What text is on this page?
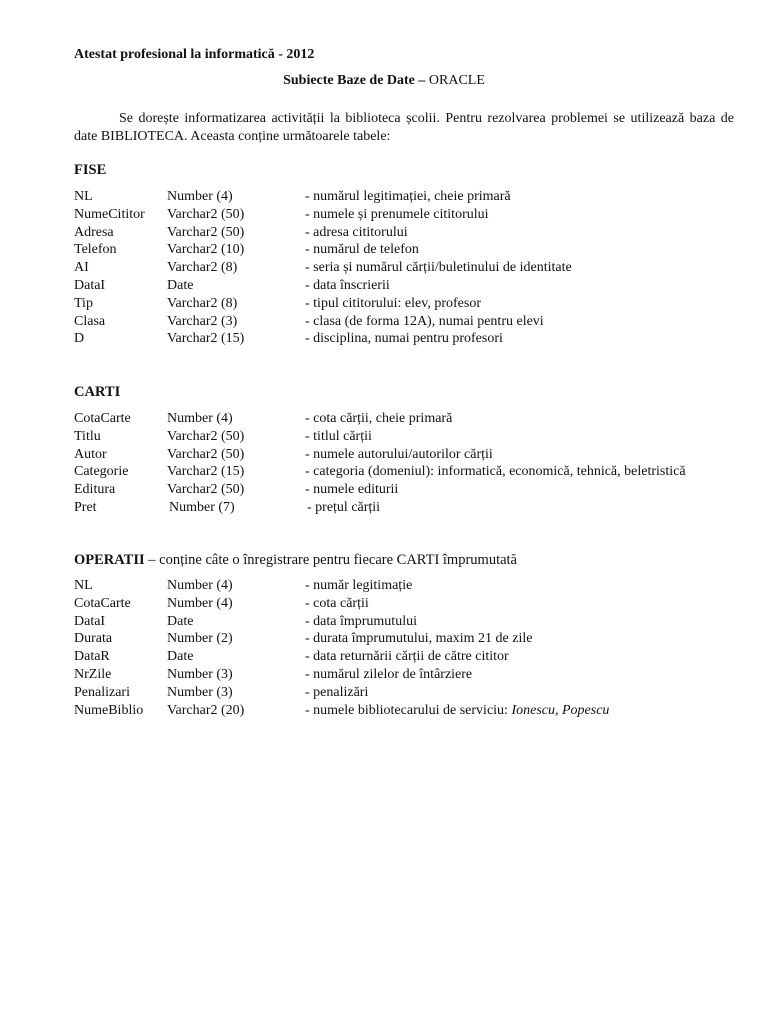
Atestat profesional la informatică - 2012
Subiecte Baze de Date – ORACLE
Se dorește informatizarea activității la biblioteca școlii. Pentru rezolvarea problemei se utilizează baza de date BIBLIOTECA. Aceasta conține următoarele tabele:
FISE
NL	Number (4)	- numărul legitimației, cheie primară
NumeCititor Varchar2 (50)	- numele și prenumele cititorului
Adresa	Varchar2 (50)	- adresa cititorului
Telefon	Varchar2 (10)	- numărul de telefon
AI	Varchar2 (8)	- seria și numărul cărții/buletinului de identitate
DataI	Date	- data înscrierii
Tip	Varchar2 (8)	- tipul cititorului: elev, profesor
Clasa	Varchar2 (3)	- clasa (de forma 12A), numai pentru elevi
D	Varchar2 (15)	- disciplina, numai pentru profesori
CARTI
CotaCarte	Number (4)	- cota cărții, cheie primară
Titlu	Varchar2 (50)	- titlul cărții
Autor	Varchar2 (50)	- numele autorului/autorilor cărții
Categorie	Varchar2 (15)	- categoria (domeniul): informatică, economică, tehnică, beletristică
Editura	Varchar2 (50)	- numele editurii
Pret	Number (7)	- prețul cărții
OPERATII – conține câte o înregistrare pentru fiecare CARTI împrumutată
NL	Number (4)	- număr legitimație
CotaCarte	Number (4)	- cota cărții
DataI	Date	- data împrumutului
Durata	Number (2)	- durata împrumutului, maxim 21 de zile
DataR	Date	- data returnării cărții de către cititor
NrZile	Number (3)	- numărul zilelor de întârziere
Penalizari	Number (3)	- penalizări
NumeBiblio Varchar2 (20)	- numele bibliotecarului de serviciu: Ionescu, Popescu
